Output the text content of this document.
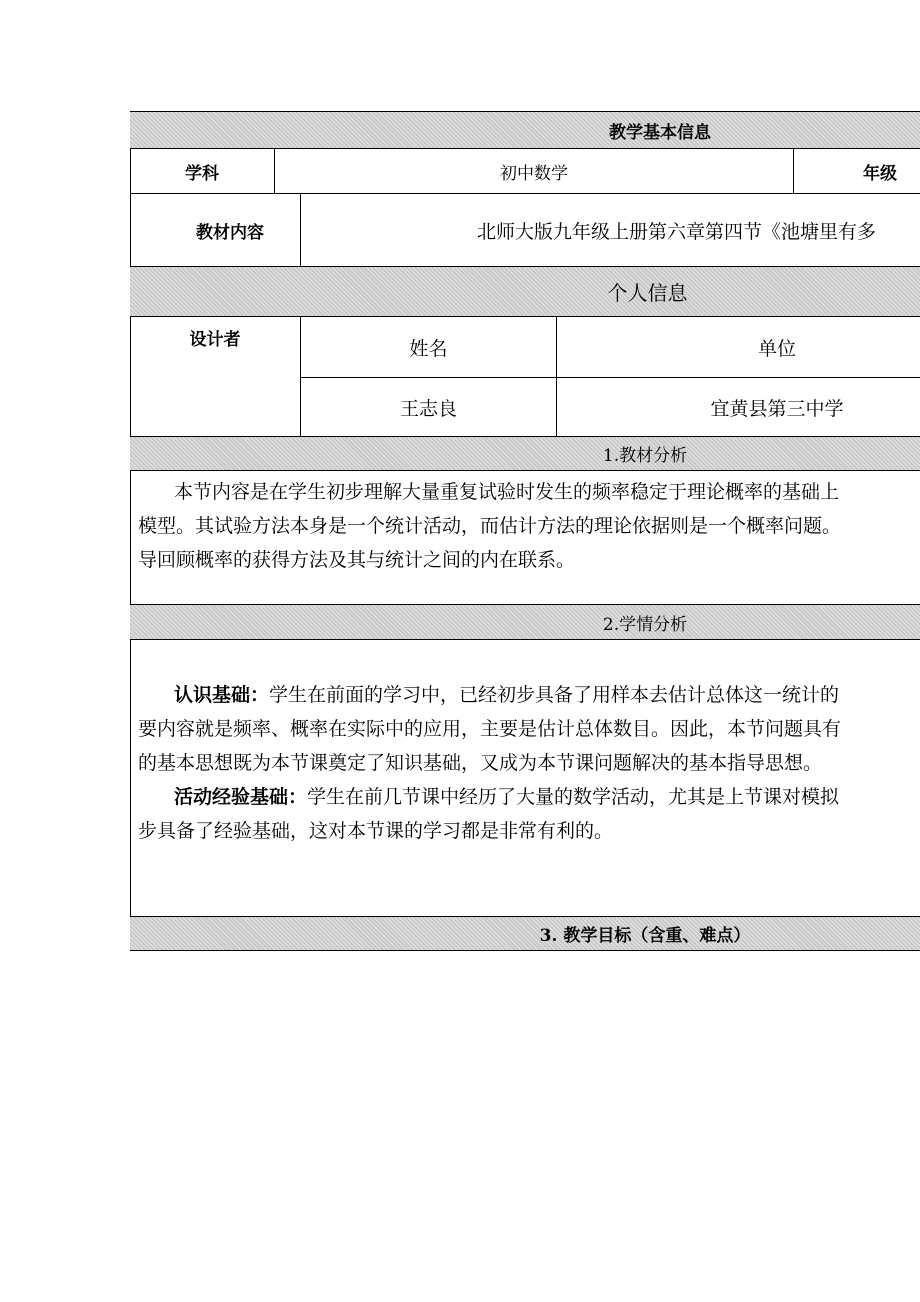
教学基本信息
学科	初中数学	年级
教材内容	北师大版九年级上册第六章第四节《池塘里有多
个人信息
设计者	姓名	单位
王志良	宜黄县第三中学
1.教材分析
本节内容是在学生初步理解大量重复试验时发生的频率稳定于理论概率的基础上
模型。其试验方法本身是一个统计活动，而估计方法的理论依据则是一个概率问题。
导回顾概率的获得方法及其与统计之间的内在联系。
2.学情分析
认识基础：学生在前面的学习中，已经初步具备了用样本去估计总体这一统计的
要内容就是频率、概率在实际中的应用，主要是估计总体数目。因此，本节问题具有
的基本思想既为本节课奠定了知识基础，又成为本节课问题解决的基本指导思想。
活动经验基础：学生在前几节课中经历了大量的数学活动，尤其是上节课对模拟
步具备了经验基础，这对本节课的学习都是非常有利的。
3. 教学目标（含重、难点）
